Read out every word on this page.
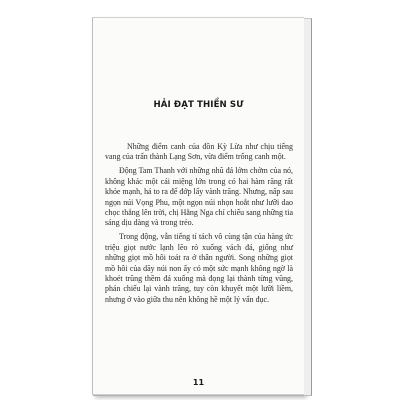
HẢI ĐẠT THIỀN SƯ

Những điểm canh của đồn Kỳ Lừa như chịu tiếng vang của trấn thành Lạng Sơn, vừa điểm trống canh một.

Động Tam Thanh với những nhũ đá lởm chởm của nó, không khác một cái miệng lớn trong có hai hàm răng rất khỏe mạnh, há to ra để đớp lấy vành trăng. Nhưng, nấp sau ngọn núi Vọng Phu, một ngọn núi nhọn hoắt như lưỡi dao chọc thẳng lên trời, chị Hằng Nga chỉ chiếu sang những tia sáng dịu dàng và trong trẻo.

Trong động, vẫn tiếng tí tách vô cùng tận của hàng ức triệu giọt nước lạnh lẽo rỏ xuống vách đá, giống như những giọt mồ hôi toát ra ở thân người. Song những giọt mồ hôi của dãy núi non ấy có một sức mạnh không ngờ là khoét trũng thềm đá xuống mà đọng lại thành từng vũng, phản chiếu lại vành trăng, tuy còn khuyết một lưỡi liềm, nhưng ở vào giữa thu nên không hề một lý vẩn đục.

11
